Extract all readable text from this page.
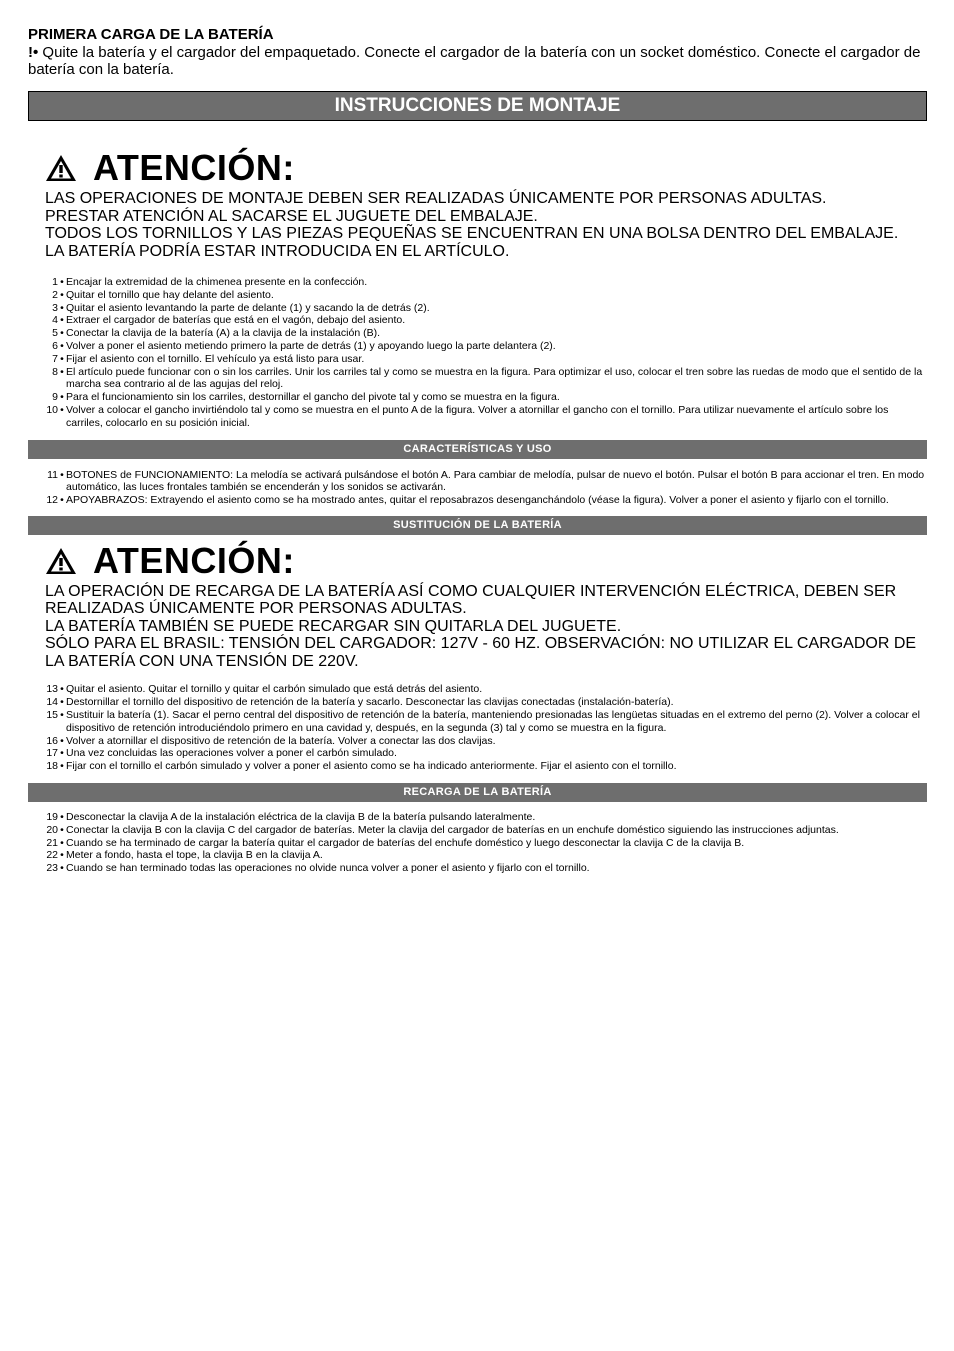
PRIMERA CARGA DE LA BATERÍA
!• Quite la batería y el cargador del empaquetado. Conecte el cargador de la batería con un socket doméstico. Conecte el cargador de batería con la batería.
INSTRUCCIONES DE MONTAJE
ATENCIÓN:
LAS OPERACIONES DE MONTAJE DEBEN SER REALIZADAS ÚNICAMENTE POR PERSONAS ADULTAS.
PRESTAR ATENCIÓN AL SACARSE EL JUGUETE DEL EMBALAJE.
TODOS LOS TORNILLOS Y LAS PIEZAS PEQUEÑAS SE ENCUENTRAN EN UNA BOLSA DENTRO DEL EMBALAJE.
LA BATERÍA PODRÍA ESTAR INTRODUCIDA EN EL ARTÍCULO.
1 • Encajar la extremidad de la chimenea presente en la confección.
2 • Quitar el tornillo que hay delante del asiento.
3 • Quitar el asiento levantando la parte de delante (1) y sacando la de detrás (2).
4 • Extraer el cargador de baterías que está en el vagón, debajo del asiento.
5 • Conectar la clavija de la batería (A) a la clavija de la instalación (B).
6 • Volver a poner el asiento metiendo primero la parte de detrás (1) y apoyando luego la parte delantera (2).
7 • Fijar el asiento con el tornillo. El vehículo ya está listo para usar.
8 • El artículo puede funcionar con o sin los carriles. Unir los carriles tal y como se muestra en la figura. Para optimizar el uso, colocar el tren sobre las ruedas de modo que el sentido de la marcha sea contrario al de las agujas del reloj.
9 • Para el funcionamiento sin los carriles, destornillar el gancho del pivote tal y como se muestra en la figura.
10 • Volver a colocar el gancho invirtiéndolo tal y como se muestra en el punto A de la figura. Volver a atornillar el gancho con el tornillo. Para utilizar nuevamente el artículo sobre los carriles, colocarlo en su posición inicial.
CARACTERÍSTICAS Y USO
11 • BOTONES de FUNCIONAMIENTO: La melodía se activará pulsándose el botón A. Para cambiar de melodía, pulsar de nuevo el botón. Pulsar el botón B para accionar el tren. En modo automático, las luces frontales también se encenderán y los sonidos se activarán.
12 • APOYABRAZOS: Extrayendo el asiento como se ha mostrado antes, quitar el reposabrazos desenganchándolo (véase la figura). Volver a poner el asiento y fijarlo con el tornillo.
SUSTITUCIÓN DE LA BATERÍA
ATENCIÓN:
LA OPERACIÓN DE RECARGA DE LA BATERÍA ASÍ COMO CUALQUIER INTERVENCIÓN ELÉCTRICA, DEBEN SER REALIZADAS ÚNICAMENTE POR PERSONAS ADULTAS.
LA BATERÍA TAMBIÉN SE PUEDE RECARGAR SIN QUITARLA DEL JUGUETE.
SÓLO PARA EL BRASIL: TENSIÓN DEL CARGADOR: 127V - 60 HZ. OBSERVACIÓN: NO UTILIZAR EL CARGADOR DE LA BATERÍA CON UNA TENSIÓN DE 220V.
13 • Quitar el asiento. Quitar el tornillo y quitar el carbón simulado que está detrás del asiento.
14 • Destornillar el tornillo del dispositivo de retención de la batería y sacarlo. Desconectar las clavijas conectadas (instalación-batería).
15 • Sustituir la batería (1). Sacar el perno central del dispositivo de retención de la batería, manteniendo presionadas las lengüetas situadas en el extremo del perno (2). Volver a colocar el dispositivo de retención introduciéndolo primero en una cavidad y, después, en la segunda (3) tal y como se muestra en la figura.
16 • Volver a atornillar el dispositivo de retención de la batería. Volver a conectar las dos clavijas.
17 • Una vez concluidas las operaciones volver a poner el carbón simulado.
18 • Fijar con el tornillo el carbón simulado y volver a poner el asiento como se ha indicado anteriormente. Fijar el asiento con el tornillo.
RECARGA DE LA BATERÍA
19 • Desconectar la clavija A de la instalación eléctrica de la clavija B de la batería pulsando lateralmente.
20 • Conectar la clavija B con la clavija C del cargador de baterías. Meter la clavija del cargador de baterías en un enchufe doméstico siguiendo las instrucciones adjuntas.
21 • Cuando se ha terminado de cargar la batería quitar el cargador de baterías del enchufe doméstico y luego desconectar la clavija C de la clavija B.
22 • Meter a fondo, hasta el tope, la clavija B en la clavija A.
23 • Cuando se han terminado todas las operaciones no olvide nunca volver a poner el asiento y fijarlo con el tornillo.
